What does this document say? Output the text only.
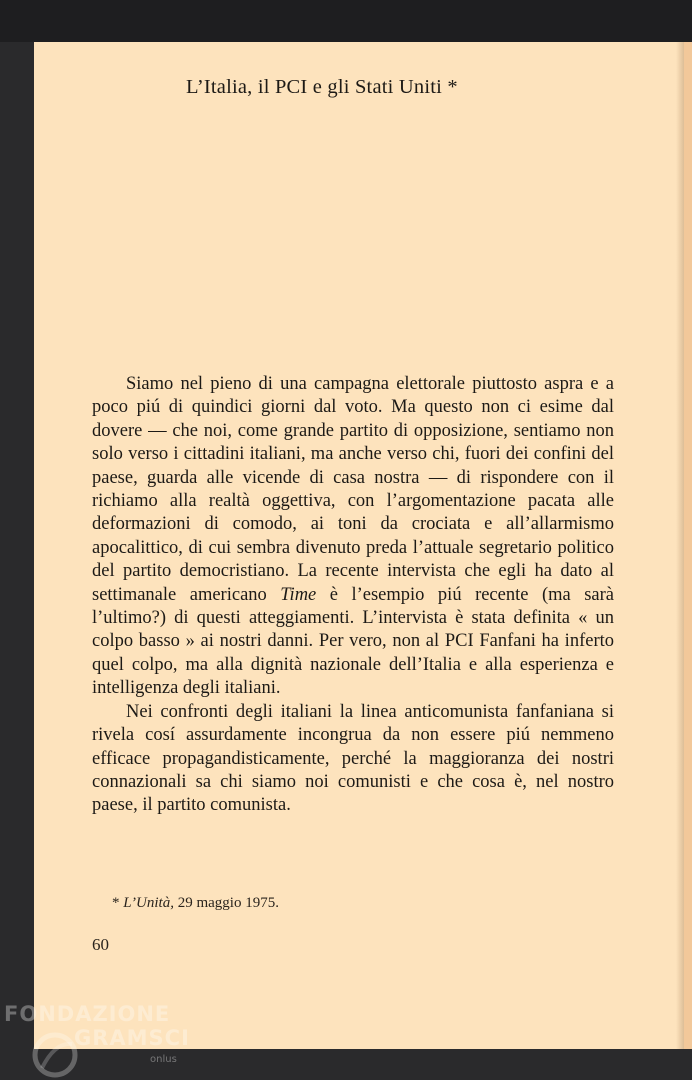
L’Italia, il PCI e gli Stati Uniti *

Siamo nel pieno di una campagna elettorale piuttosto aspra e a poco piú di quindici giorni dal voto. Ma questo non ci esime dal dovere — che noi, come grande partito di opposizione, sentiamo non solo verso i cittadini italiani, ma anche verso chi, fuori dei confini del paese, guarda alle vicende di casa nostra — di rispondere con il richiamo alla realtà oggettiva, con l’argomentazione pacata alle deformazioni di comodo, ai toni da crociata e all’allarmismo apocalittico, di cui sembra divenuto preda l’attuale segretario politico del partito democristiano. La recente intervista che egli ha dato al settimanale americano Time è l’esempio piú recente (ma sarà l’ultimo?) di questi atteggiamenti. L’intervista è stata definita « un colpo basso » ai nostri danni. Per vero, non al PCI Fanfani ha inferto quel colpo, ma alla dignità nazionale dell’Italia e alla esperienza e intelligenza degli italiani.

Nei confronti degli italiani la linea anticomunista fanfaniana si rivela cosí assurdamente incongrua da non essere piú nemmeno efficace propagandisticamente, perché la maggioranza dei nostri connazionali sa chi siamo noi comunisti e che cosa è, nel nostro paese, il partito comunista.

* L’Unità, 29 maggio 1975.
60
FONDAZIONE
GRAMSCI
onlus
